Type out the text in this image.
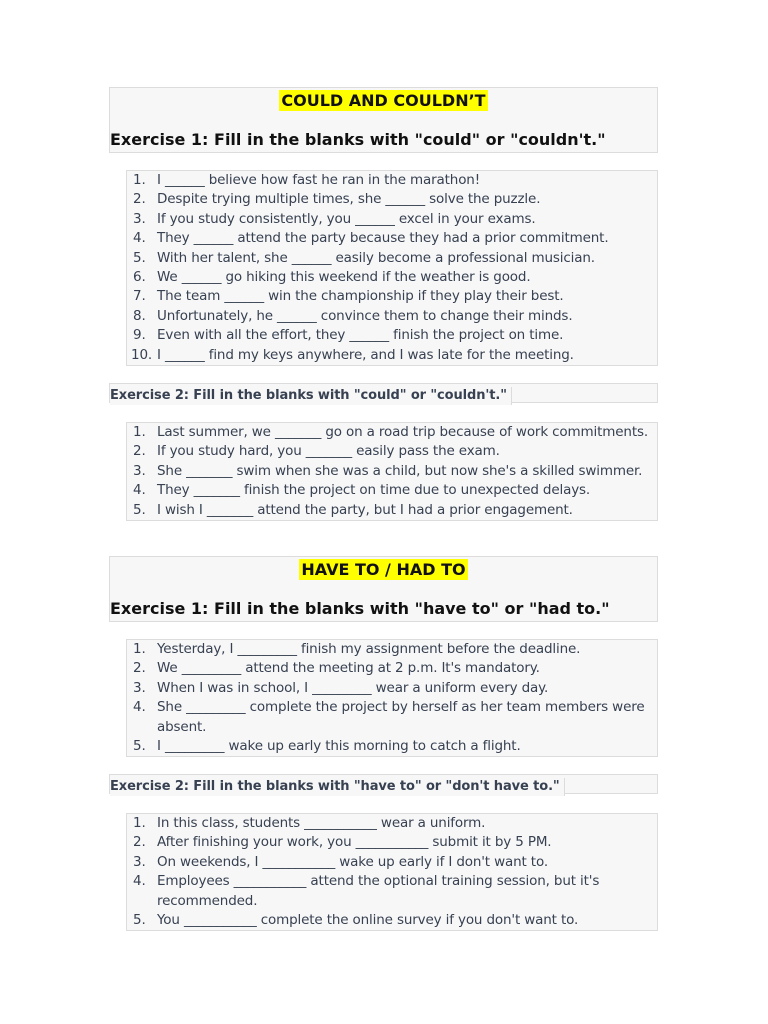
COULD AND COULDN’T
Exercise 1: Fill in the blanks with "could" or "couldn't."
1. I ______ believe how fast he ran in the marathon!
2. Despite trying multiple times, she ______ solve the puzzle.
3. If you study consistently, you ______ excel in your exams.
4. They ______ attend the party because they had a prior commitment.
5. With her talent, she ______ easily become a professional musician.
6. We ______ go hiking this weekend if the weather is good.
7. The team ______ win the championship if they play their best.
8. Unfortunately, he ______ convince them to change their minds.
9. Even with all the effort, they ______ finish the project on time.
10. I ______ find my keys anywhere, and I was late for the meeting.
Exercise 2: Fill in the blanks with "could" or "couldn't."
1. Last summer, we _______ go on a road trip because of work commitments.
2. If you study hard, you _______ easily pass the exam.
3. She _______ swim when she was a child, but now she's a skilled swimmer.
4. They _______ finish the project on time due to unexpected delays.
5. I wish I _______ attend the party, but I had a prior engagement.
HAVE TO / HAD TO
Exercise 1: Fill in the blanks with "have to" or "had to."
1. Yesterday, I _________ finish my assignment before the deadline.
2. We _________ attend the meeting at 2 p.m. It's mandatory.
3. When I was in school, I _________ wear a uniform every day.
4. She _________ complete the project by herself as her team members were absent.
5. I _________ wake up early this morning to catch a flight.
Exercise 2: Fill in the blanks with "have to" or "don't have to."
1. In this class, students ___________ wear a uniform.
2. After finishing your work, you ___________ submit it by 5 PM.
3. On weekends, I ___________ wake up early if I don't want to.
4. Employees ___________ attend the optional training session, but it's recommended.
5. You ___________ complete the online survey if you don't want to.
